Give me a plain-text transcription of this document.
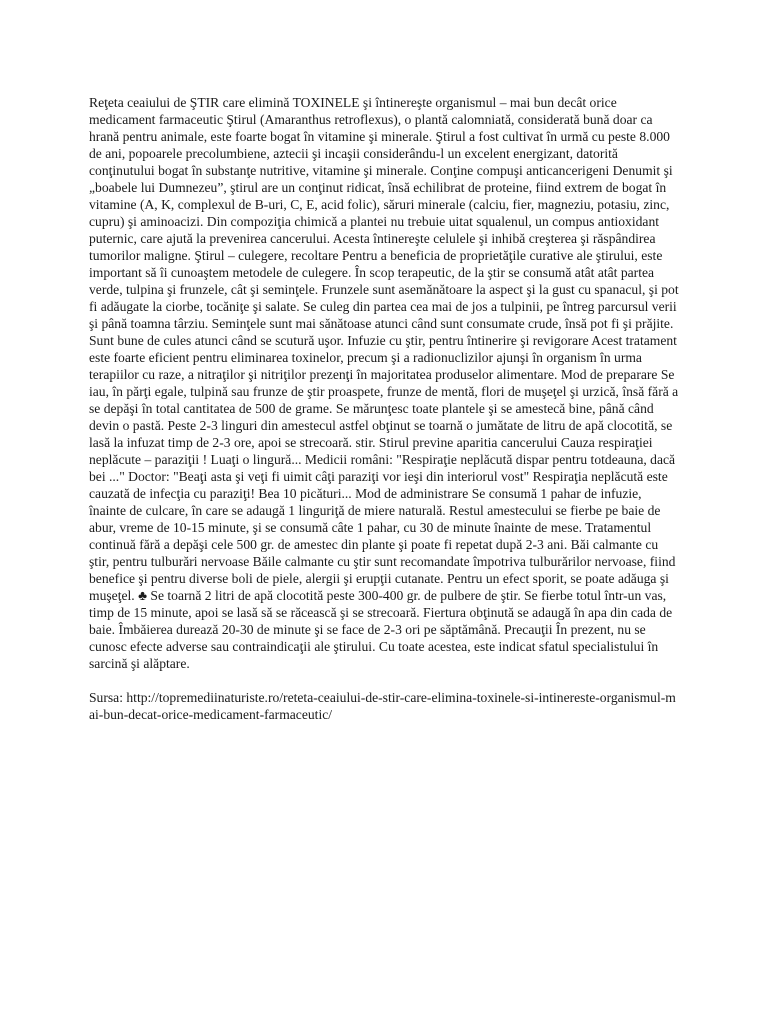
Reţeta ceaiului de ŞTIR care elimină TOXINELE şi întinereşte organismul – mai bun decât orice medicament farmaceutic Ştirul (Amaranthus retroflexus), o plantă calomniată, considerată bună doar ca hrană pentru animale, este foarte bogat în vitamine şi minerale. Ştirul a fost cultivat în urmă cu peste 8.000 de ani, popoarele precolumbiene, aztecii şi incaşii considerându-l un excelent energizant, datorită conţinutului bogat în substanţe nutritive, vitamine şi minerale. Conţine compuşi anticancerigeni Denumit şi „boabele lui Dumnezeu”, ştirul are un conţinut ridicat, însă echilibrat de proteine, fiind extrem de bogat în vitamine (A, K, complexul de B-uri, C, E, acid folic), săruri minerale (calciu, fier, magneziu, potasiu, zinc, cupru) şi aminoacizi. Din compoziţia chimică a plantei nu trebuie uitat squalenul, un compus antioxidant puternic, care ajută la prevenirea cancerului. Acesta întinereşte celulele şi inhibă creşterea şi răspândirea tumorilor maligne. Ştirul – culegere, recoltare Pentru a beneficia de proprietăţile curative ale ştirului, este important să îi cunoaştem metodele de culegere. În scop terapeutic, de la ştir se consumă atât atât partea verde, tulpina şi frunzele, cât şi seminţele. Frunzele sunt asemănătoare la aspect şi la gust cu spanacul, şi pot fi adăugate la ciorbe, tocăniţe şi salate. Se culeg din partea cea mai de jos a tulpinii, pe întreg parcursul verii şi până toamna târziu. Seminţele sunt mai sănătoase atunci când sunt consumate crude, însă pot fi şi prăjite. Sunt bune de cules atunci când se scutură uşor. Infuzie cu ştir, pentru întinerire şi revigorare Acest tratament este foarte eficient pentru eliminarea toxinelor, precum şi a radionuclizilor ajunşi în organism în urma terapiilor cu raze, a nitraţilor şi nitriţilor prezenţi în majoritatea produselor alimentare. Mod de preparare Se iau, în părţi egale, tulpină sau frunze de ştir proaspete, frunze de mentă, flori de muşeţel şi urzică, însă fără a se depăşi în total cantitatea de 500 de grame. Se mărunţesc toate plantele şi se amestecă bine, până când devin o pastă. Peste 2-3 linguri din amestecul astfel obţinut se toarnă o jumătate de litru de apă clocotită, se lasă la infuzat timp de 2-3 ore, apoi se strecoară. stir. Stirul previne aparitia cancerului Cauza respiraţiei neplăcute – paraziţii ! Luaţi o lingură... Medicii români: "Respiraţie neplăcută dispar pentru totdeauna, dacă bei ..." Doctor: "Beaţi asta şi veţi fi uimit câţi paraziţi vor ieşi din interiorul vost" Respiraţia neplăcută este cauzată de infecţia cu paraziţi! Bea 10 picături... Mod de administrare Se consumă 1 pahar de infuzie, înainte de culcare, în care se adaugă 1 linguriţă de miere naturală. Restul amestecului se fierbe pe baie de abur, vreme de 10-15 minute, şi se consumă câte 1 pahar, cu 30 de minute înainte de mese. Tratamentul continuă fără a depăşi cele 500 gr. de amestec din plante şi poate fi repetat după 2-3 ani. Băi calmante cu ştir, pentru tulburări nervoase Băile calmante cu ştir sunt recomandate împotriva tulburărilor nervoase, fiind benefice şi pentru diverse boli de piele, alergii şi erupţii cutanate. Pentru un efect sporit, se poate adăuga şi muşeţel. ♣ Se toarnă 2 litri de apă clocotită peste 300-400 gr. de pulbere de ştir. Se fierbe totul într-un vas, timp de 15 minute, apoi se lasă să se răcească şi se strecoară. Fiertura obţinută se adaugă în apa din cada de baie. Îmbăierea durează 20-30 de minute şi se face de 2-3 ori pe săptămână. Precauţii În prezent, nu se cunosc efecte adverse sau contraindicaţii ale ştirului. Cu toate acestea, este indicat sfatul specialistului în sarcină şi alăptare.

Sursa: http://topremediinaturiste.ro/reteta-ceaiului-de-stir-care-elimina-toxinele-si-intinereste-organismul-mai-bun-decat-orice-medicament-farmaceutic/
